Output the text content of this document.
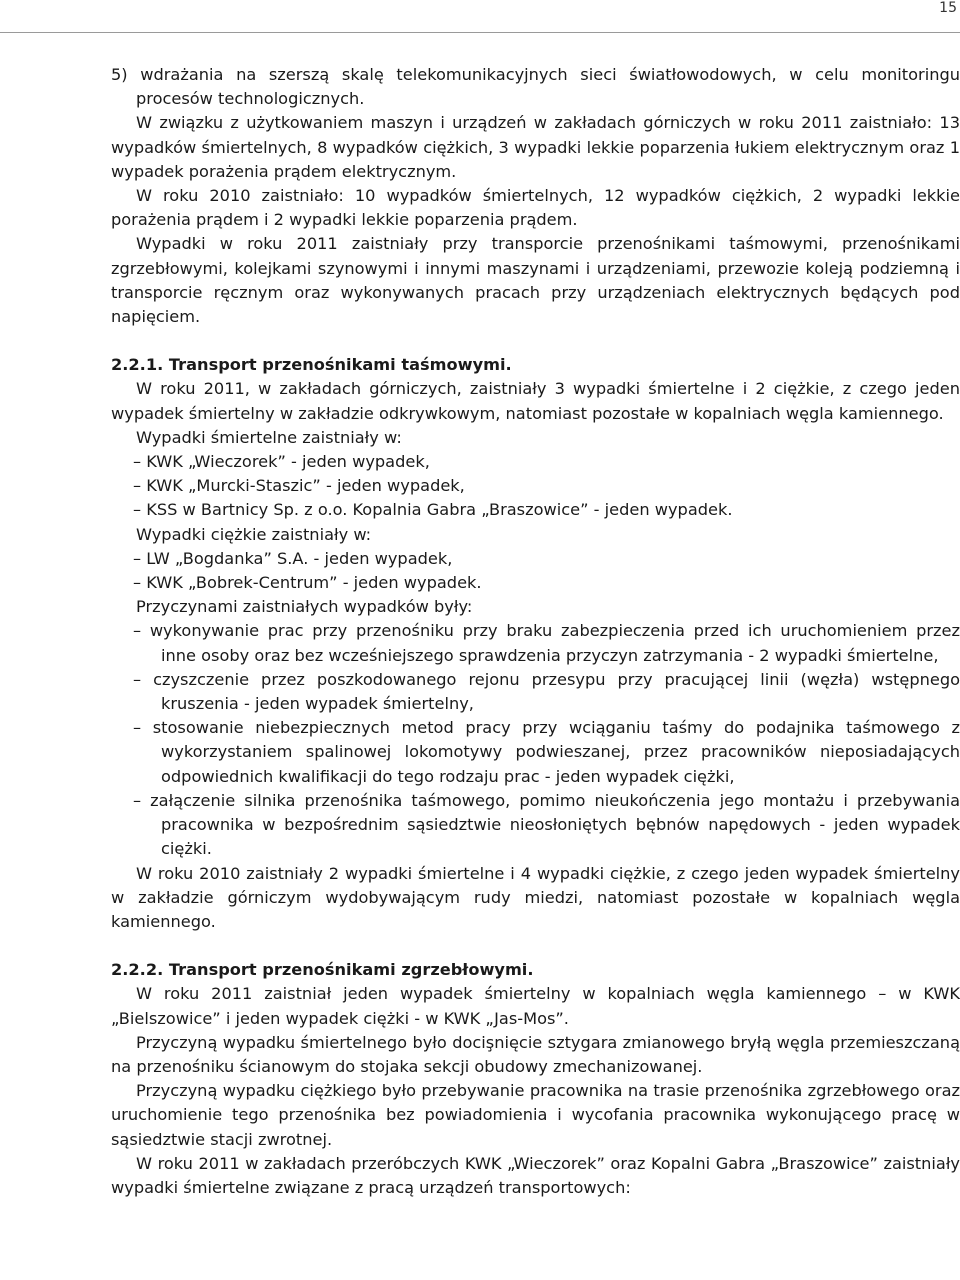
15

5) wdrażania na szerszą skalę telekomunikacyjnych sieci światłowodowych, w celu monitoringu procesów technologicznych.

W związku z użytkowaniem maszyn i urządzeń w zakładach górniczych w roku 2011 zaistniało: 13 wypadków śmiertelnych, 8 wypadków ciężkich, 3 wypadki lekkie poparzenia łukiem elektrycznym oraz 1 wypadek porażenia prądem elektrycznym.

W roku 2010 zaistniało: 10 wypadków śmiertelnych, 12 wypadków ciężkich, 2 wypadki lekkie porażenia prądem i 2 wypadki lekkie poparzenia prądem.

Wypadki w roku 2011 zaistniały przy transporcie przenośnikami taśmowymi, przenośnikami zgrzebłowymi, kolejkami szynowymi i innymi maszynami i urządzeniami, przewozie koleją podziemną i transporcie ręcznym oraz wykonywanych pracach przy urządzeniach elektrycznych będących pod napięciem.

2.2.1. Transport przenośnikami taśmowymi.

W roku 2011, w zakładach górniczych, zaistniały 3 wypadki śmiertelne i 2 ciężkie, z czego jeden wypadek śmiertelny w zakładzie odkrywkowym, natomiast pozostałe w kopalniach węgla kamiennego.

Wypadki śmiertelne zaistniały w:

– KWK „Wieczorek” - jeden wypadek,

– KWK „Murcki-Staszic” - jeden wypadek,

– KSS w Bartnicy Sp. z o.o. Kopalnia Gabra „Braszowice” - jeden wypadek.

Wypadki ciężkie zaistniały w:

– LW „Bogdanka” S.A. - jeden wypadek,

– KWK „Bobrek-Centrum” - jeden wypadek.

Przyczynami zaistniałych wypadków były:

– wykonywanie prac przy przenośniku przy braku zabezpieczenia przed ich uruchomieniem przez inne osoby oraz bez wcześniejszego sprawdzenia przyczyn zatrzymania - 2 wypadki śmiertelne,

– czyszczenie przez poszkodowanego rejonu przesypu przy pracującej linii (węzła) wstępnego kruszenia - jeden wypadek śmiertelny,

– stosowanie niebezpiecznych metod pracy przy wciąganiu taśmy do podajnika taśmowego z wykorzystaniem spalinowej lokomotywy podwieszanej, przez pracowników nieposiadających odpowiednich kwalifikacji do tego rodzaju prac - jeden wypadek ciężki,

– załączenie silnika przenośnika taśmowego, pomimo nieukończenia jego montażu i przebywania pracownika w bezpośrednim sąsiedztwie nieosłoniętych bębnów napędowych - jeden wypadek ciężki.

W roku 2010 zaistniały 2 wypadki śmiertelne i 4 wypadki ciężkie, z czego jeden wypadek śmiertelny w zakładzie górniczym wydobywającym rudy miedzi, natomiast pozostałe w kopalniach węgla kamiennego.

2.2.2. Transport przenośnikami zgrzebłowymi.

W roku 2011 zaistniał jeden wypadek śmiertelny w kopalniach węgla kamiennego – w KWK „Bielszowice” i jeden wypadek ciężki - w KWK „Jas-Mos”.

Przyczyną wypadku śmiertelnego było docişnięcie sztygara zmianowego bryłą węgla przemieszczaną na przenośniku ścianowym do stojaka sekcji obudowy zmechanizowanej.

Przyczyną wypadku ciężkiego było przebywanie pracownika na trasie przenośnika zgrzebłowego oraz uruchomienie tego przenośnika bez powiadomienia i wycofania pracownika wykonującego pracę w sąsiedztwie stacji zwrotnej.

W roku 2011 w zakładach przeróbczych KWK „Wieczorek” oraz Kopalni Gabra „Braszowice” zaistniały wypadki śmiertelne związane z pracą urządzeń transportowych:
